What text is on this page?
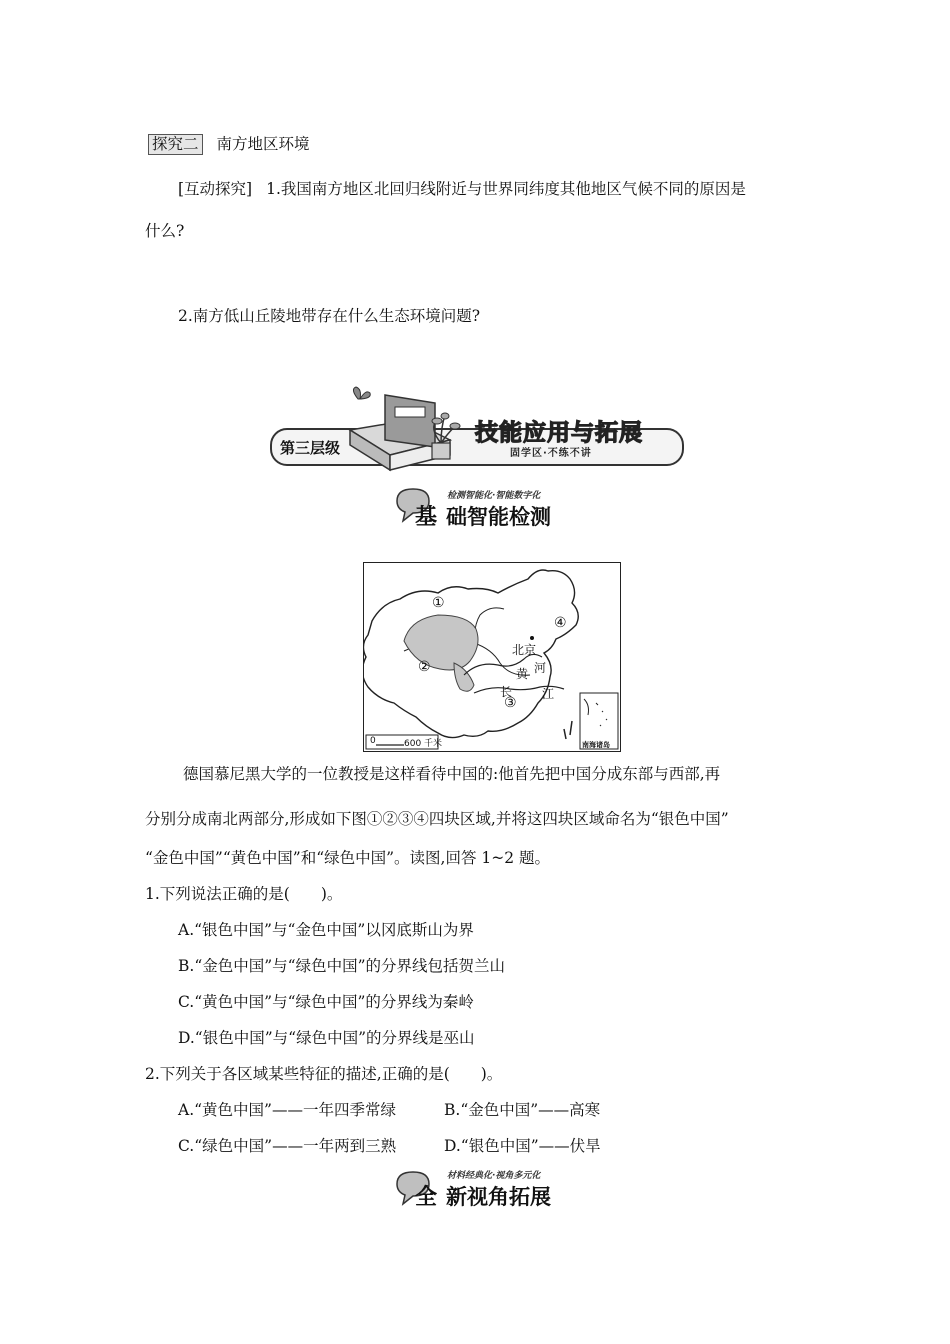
探究二 南方地区环境
[互动探究] 1.我国南方地区北回归线附近与世界同纬度其他地区气候不同的原因是
什么?
2.南方低山丘陵地带存在什么生态环境问题?
第三层级
技能应用与拓展
固学区·不练不讲
检测智能化·智能数字化
基 础智能检测
①
②
③
④
北京
河
黄
长 江
0	600 千米	南海诸岛
德国慕尼黑大学的一位教授是这样看待中国的:他首先把中国分成东部与西部,再
分别分成南北两部分,形成如下图①②③④四块区域,并将这四块区域命名为“银色中国”
“金色中国”“黄色中国”和“绿色中国”。读图,回答 1~2 题。
1.下列说法正确的是(　　)。
A.“银色中国”与“金色中国”以冈底斯山为界
B.“金色中国”与“绿色中国”的分界线包括贺兰山
C.“黄色中国”与“绿色中国”的分界线为秦岭
D.“银色中国”与“绿色中国”的分界线是巫山
2.下列关于各区域某些特征的描述,正确的是(　　)。
A.“黄色中国”——一年四季常绿	B.“金色中国”——高寒
C.“绿色中国”——一年两到三熟	D.“银色中国”——伏旱
材料经典化·视角多元化
全 新视角拓展
